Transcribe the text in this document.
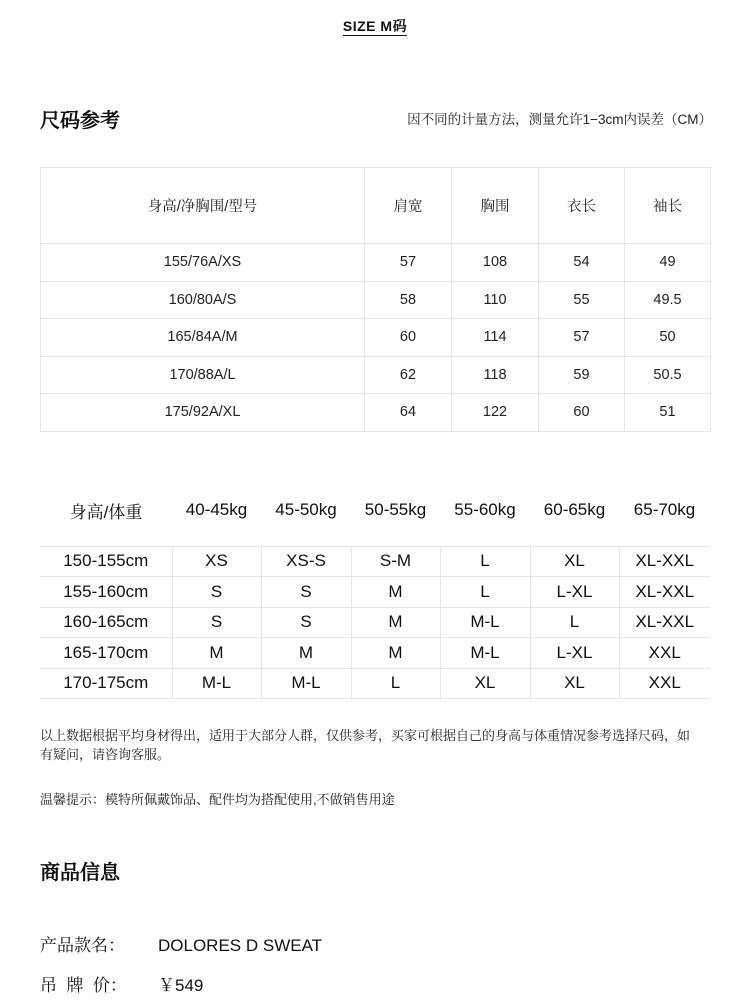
SIZE M码
尺码参考	因不同的计量方法，测量允许1−3cm内误差（CM）
身高/净胸围/型号	肩宽	胸围	衣长	袖长
155/76A/XS	57	108	54	49
160/80A/S	58	110	55	49.5
165/84A/M	60	114	57	50
170/88A/L	62	118	59	50.5
175/92A/XL	64	122	60	51
身高/体重	40-45kg	45-50kg	50-55kg	55-60kg	60-65kg	65-70kg

150-155cm	XS	XS-S	S-M	L	XL	XL-XXL
155-160cm	S	S	M	L	L-XL	XL-XXL
160-165cm	S	S	M	M-L	L	XL-XXL
165-170cm	M	M	M	M-L	L-XL	XXL
170-175cm	M-L	M-L	L	XL	XL	XXL
以上数据根据平均身材得出，适用于大部分人群，仅供参考，买家可根据自己的身高与体重情况参考选择尺码，如有疑问，请咨询客服。
温馨提示：模特所佩戴饰品、配件均为搭配使用,不做销售用途
商品信息
产品款名： DOLORES D SWEAT
吊  牌  价： ￥549
